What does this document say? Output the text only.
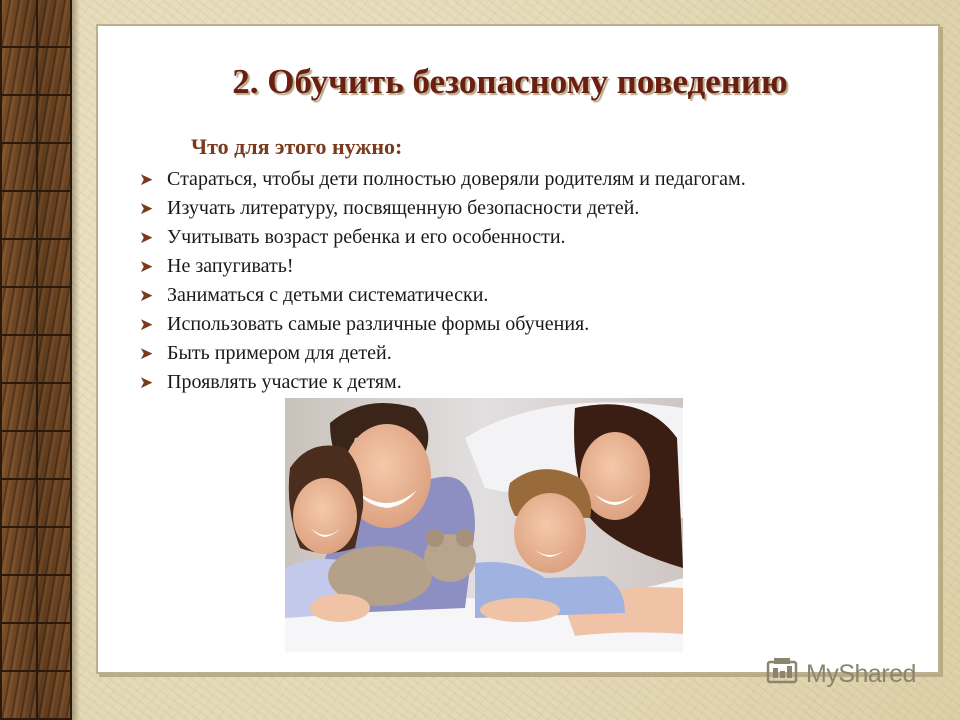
2. Обучить безопасному поведению
Что для этого нужно:
➤ Стараться, чтобы дети полностью доверяли родителям и педагогам.
➤ Изучать литературу, посвященную безопасности детей.
➤ Учитывать возраст ребенка и его особенности.
➤ Не запугивать!
➤ Заниматься с детьми систематически.
➤ Использовать самые различные формы обучения.
➤ Быть примером для детей.
➤ Проявлять участие к детям.
MyShared
